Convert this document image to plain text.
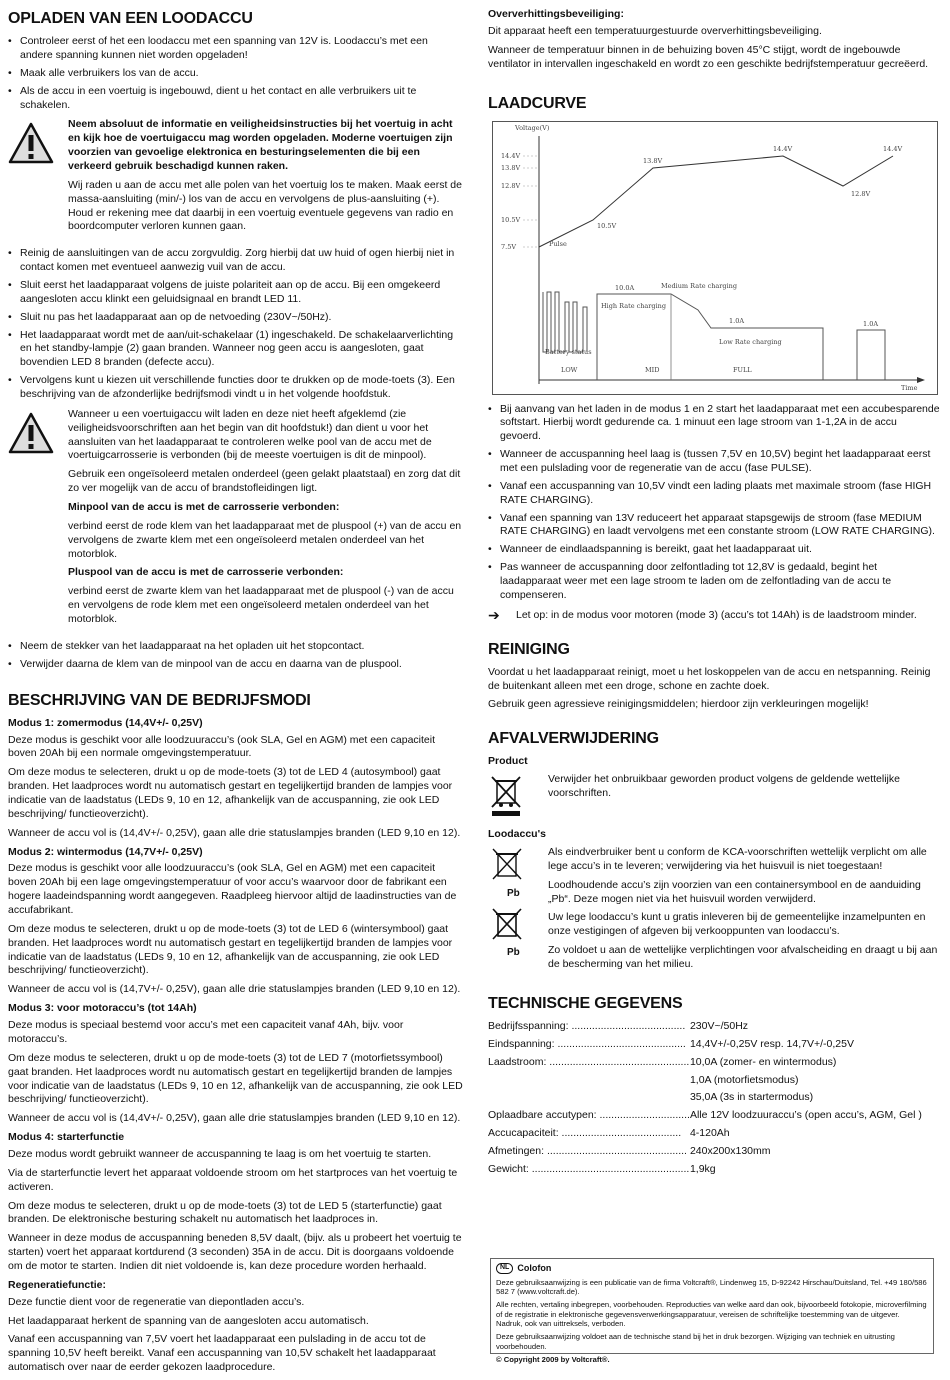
OPLADEN VAN EEN LOODACCU
• Controleer eerst of het een loodaccu met een spanning van 12V is. Loodaccu’s met een andere spanning kunnen niet worden opgeladen!
• Maak alle verbruikers los van de accu.
• Als de accu in een voertuig is ingebouwd, dient u het contact en alle verbruikers uit te schakelen.

Neem absoluut de informatie en veiligheidsinstructies bij het voertuig in acht en kijk hoe de voertuigaccu mag worden opgeladen. Moderne voertuigen zijn voorzien van gevoelige elektronica en besturingselementen die bij een verkeerd gebruik beschadigd kunnen raken.

Wij raden u aan de accu met alle polen van het voertuig los te maken. Maak eerst de massa-aansluiting (min/-) los van de accu en vervolgens de plus-aansluiting (+). Houd er rekening mee dat daarbij in een voertuig eventuele gegevens van radio en boordcomputer verloren kunnen gaan.

• Reinig de aansluitingen van de accu zorgvuldig. Zorg hierbij dat uw huid of ogen hierbij niet in contact komen met eventueel aanwezig vuil van de accu.
• Sluit eerst het laadapparaat volgens de juiste polariteit aan op de accu. Bij een omgekeerd aangesloten accu klinkt een geluidsignaal en brandt LED 11.
• Sluit nu pas het laadapparaat aan op de netvoeding (230V~/50Hz).
• Het laadapparaat wordt met de aan/uit-schakelaar (1) ingeschakeld. De schakelaarverlichting en het standby-lampje (2) gaan branden. Wanneer nog geen accu is aangesloten, gaat bovendien LED 8 branden (defecte accu).
• Vervolgens kunt u kiezen uit verschillende functies door te drukken op de mode-toets (3). Een beschrijving van de afzonderlijke bedrijfsmodi vindt u in het volgende hoofdstuk.

Wanneer u een voertuigaccu wilt laden en deze niet heeft afgeklemd (zie veiligheidsvoorschriften aan het begin van dit hoofdstuk!) dan dient u voor het aansluiten van het laadapparaat te controleren welke pool van de accu met de voertuigcarrosserie is verbonden (bij de meeste voertuigen is dit de minpool).

Gebruik een ongeïsoleerd metalen onderdeel (geen gelakt plaatstaal) en zorg dat dit zo ver mogelijk van de accu of brandstofleidingen ligt.

Minpool van de accu is met de carrosserie verbonden:

verbind eerst de rode klem van het laadapparaat met de pluspool (+) van de accu en vervolgens de zwarte klem met een ongeïsoleerd metalen onderdeel van het motorblok.

Pluspool van de accu is met de carrosserie verbonden:

verbind eerst de zwarte klem van het laadapparaat met de pluspool (-) van de accu en vervolgens de rode klem met een ongeïsoleerd metalen onderdeel van het motorblok.

• Neem de stekker van het laadapparaat na het opladen uit het stopcontact.
• Verwijder daarna de klem van de minpool van de accu en daarna van de pluspool.
BESCHRIJVING VAN DE BEDRIJFSMODI
Modus 1: zomermodus (14,4V+/- 0,25V)

Deze modus is geschikt voor alle loodzuuraccu’s (ook SLA, Gel en AGM) met een capaciteit boven 20Ah bij een normale omgevingstemperatuur.

Om deze modus te selecteren, drukt u op de mode-toets (3) tot de LED 4 (autosymbool) gaat branden. Het laadproces wordt nu automatisch gestart en tegelijkertijd branden de lampjes voor indicatie van de laadstatus (LEDs 9, 10 en 12, afhankelijk van de accuspanning, zie ook LED beschrijving/ functieoverzicht).

Wanneer de accu vol is (14,4V+/- 0,25V), gaan alle drie statuslampjes branden (LED 9,10 en 12).

Modus 2: wintermodus (14,7V+/- 0,25V)

Deze modus is geschikt voor alle loodzuuraccu’s (ook SLA, Gel en AGM) met een capaciteit boven 20Ah bij een lage omgevingstemperatuur of voor accu’s waarvoor door de fabrikant een hogere laadeindspanning wordt aangegeven. Raadpleeg hiervoor altijd de laadinstructies van de accufabrikant.

Om deze modus te selecteren, drukt u op de mode-toets (3) tot de LED 6 (wintersymbool) gaat branden. Het laadproces wordt nu automatisch gestart en tegelijkertijd branden de lampjes voor indicatie van de laadstatus (LEDs 9, 10 en 12, afhankelijk van de accuspanning, zie ook LED beschrijving/ functieoverzicht).

Wanneer de accu vol is (14,7V+/- 0,25V), gaan alle drie statuslampjes branden (LED 9,10 en 12).

Modus 3: voor motoraccu’s (tot 14Ah)

Deze modus is speciaal bestemd voor accu’s met een capaciteit vanaf 4Ah, bijv. voor motoraccu’s.

Om deze modus te selecteren, drukt u op de mode-toets (3) tot de LED 7 (motorfietssymbool) gaat branden. Het laadproces wordt nu automatisch gestart en tegelijkertijd branden de lampjes voor indicatie van de laadstatus (LEDs 9, 10 en 12, afhankelijk van de accuspanning, zie ook LED beschrijving/ functieoverzicht).

Wanneer de accu vol is (14,4V+/- 0,25V), gaan alle drie statuslampjes branden (LED 9,10 en 12).

Modus 4: starterfunctie

Deze modus wordt gebruikt wanneer de accuspanning te laag is om het voertuig te starten.

Via de starterfunctie levert het apparaat voldoende stroom om het startproces van het voertuig te activeren.

Om deze modus te selecteren, drukt u op de mode-toets (3) tot de LED 5 (starterfunctie) gaat branden. De elektronische besturing schakelt nu automatisch het laadproces in.

Wanneer in deze modus de accuspanning beneden 8,5V daalt, (bijv. als u probeert het voertuig te starten) voert het apparaat kortdurend (3 seconden) 35A in de accu. Dit is doorgaans voldoende om de motor te starten. Indien dit niet voldoende is, kan deze procedure worden herhaald.

Regeneratiefunctie:

Deze functie dient voor de regeneratie van diepontladen accu’s.

Het laadapparaat herkent de spanning van de aangesloten accu automatisch.

Vanaf een accuspanning van 7,5V voert het laadapparaat een pulslading in de accu tot de spanning 10,5V heeft bereikt. Vanaf een accuspanning van 10,5V schakelt het laadapparaat automatisch over naar de eerder gekozen laadprocedure.

Oververhittingsbeveiliging:

Dit apparaat heeft een temperatuurgestuurde oververhittingsbeveiliging.

Wanneer de temperatuur binnen in de behuizing boven 45°C stijgt, wordt de ingebouwde ventilator in intervallen ingeschakeld en wordt zo een geschikte bedrijfstemperatuur gecreëerd.

LAADCURVE
Voltage(V)
Time
14.4V
13.8V
12.8V
10.5V
7.5V
10.5V
13.8V
14.4V
12.8V
14.4V
Pulse
High Rate charging
Medium Rate charging
Low Rate charging
Battery status
10.0A
1.0A	1.0A
LOW	MID	FULL
• Bij aanvang van het laden in de modus 1 en 2 start het laadapparaat met een accubesparende softstart. Hierbij wordt gedurende ca. 1 minuut een lage stroom van 1-1,2A in de accu gevoerd.
• Wanneer de accuspanning heel laag is (tussen 7,5V en 10,5V) begint het laadapparaat eerst met een pulslading voor de regeneratie van de accu (fase PULSE).
• Vanaf een accuspanning van 10,5V vindt een lading plaats met maximale stroom (fase HIGH RATE CHARGING).
• Vanaf een spanning van 13V reduceert het apparaat stapsgewijs de stroom (fase MEDIUM RATE CHARGING) en laadt vervolgens met een constante stroom (LOW RATE CHARGING).
• Wanneer de eindlaadspanning is bereikt, gaat het laadapparaat uit.
• Pas wanneer de accuspanning door zelfontlading tot 12,8V is gedaald, begint het laadapparaat weer met een lage stroom te laden om de zelfontlading van de accu te compenseren.
➔	Let op: in de modus voor motoren (mode 3) (accu’s tot 14Ah) is de laadstroom minder.
REINIGING

Voordat u het laadapparaat reinigt, moet u het loskoppelen van de accu en netspanning. Reinig de buitenkant alleen met een droge, schone en zachte doek.

Gebruik geen agressieve reinigingsmiddelen; hierdoor zijn verkleuringen mogelijk!

AFVALVERWIJDERING
Product
Verwijder het onbruikbaar geworden product volgens de geldende wettelijke voorschriften.
Loodaccu's

Als eindverbruiker bent u conform de KCA-voorschriften wettelijk verplicht om alle lege accu’s in te leveren; verwijdering via het huisvuil is niet toegestaan!

Loodhoudende accu’s zijn voorzien van een containersymbool en de aanduiding „Pb“. Deze mogen niet via het huisvuil worden verwijderd.

Uw lege loodaccu’s kunt u gratis inleveren bij de gemeentelijke inzamelpunten en onze vestigingen of afgeven bij verkooppunten van loodaccu’s.

Zo voldoet u aan de wettelijke verplichtingen voor afvalscheiding en draagt u bij aan de bescherming van het milieu.

TECHNISCHE GEGEVENS
Bedrijfsspanning: .......................................	230V~/50Hz
Eindspanning: ............................................	14,4V+/-0,25V resp. 14,7V+/-0,25V
Laadstroom: ................................................	10,0A (zomer- en wintermodus)
	1,0A (motorfietsmodus)
	35,0A (3s in startermodus)
Oplaadbare accutypen: ...............................	Alle 12V loodzuuraccu’s (open accu’s, AGM, Gel )
Accucapaciteit: .........................................	4-120Ah
Afmetingen: ................................................	240x200x130mm
Gewicht: ......................................................	1,9kg
Pb
Pb
NL Colofon

Deze gebruiksaanwijzing is een publicatie van de firma Voltcraft®, Lindenweg 15, D-92242 Hirschau/Duitsland, Tel. +49 180/586 582 7 (www.voltcraft.de).

Alle rechten, vertaling inbegrepen, voorbehouden. Reproducties van welke aard dan ook, bijvoorbeeld fotokopie, microverfilming of de registratie in elektronische gegevensverwerkingsapparatuur, vereisen de schriftelijke toestemming van de uitgever. Nadruk, ook van uittreksels, verboden.

Deze gebruiksaanwijzing voldoet aan de technische stand bij het in druk bezorgen. Wijziging van techniek en uitrusting voorbehouden.

© Copyright 2009 by Voltcraft®.
